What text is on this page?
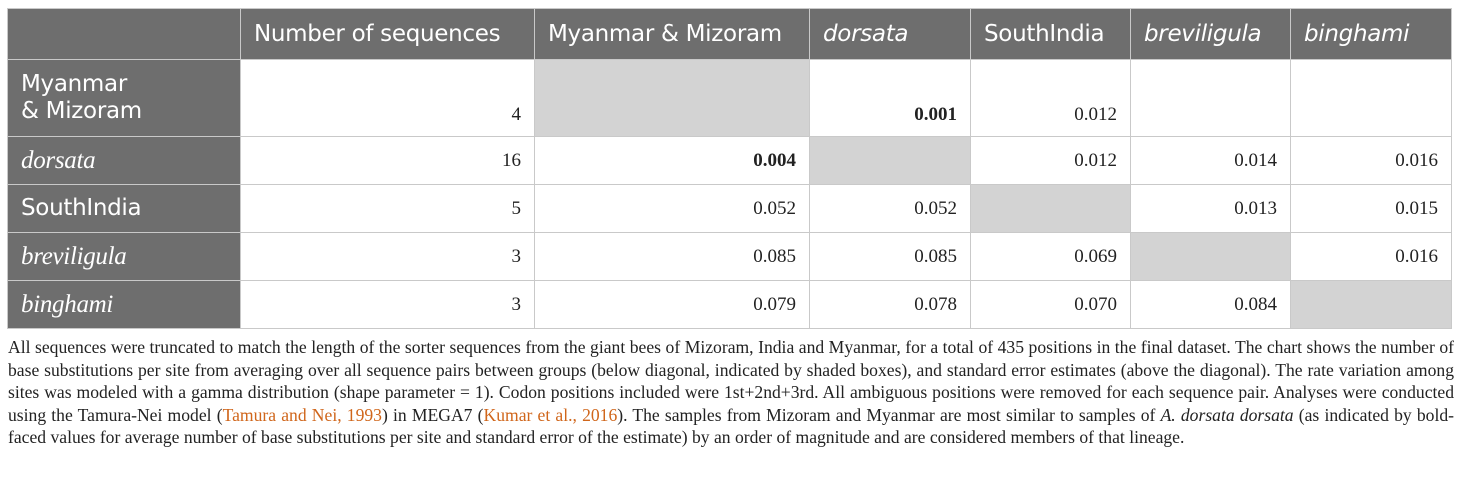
	Number of sequences	Myanmar & Mizoram	dorsata	SouthIndia	breviligula	binghami
Myanmar
& Mizoram	4		0.001	0.012		
dorsata	16	0.004		0.012	0.014	0.016
SouthIndia	5	0.052	0.052		0.013	0.015
breviligula	3	0.085	0.085	0.069		0.016
binghami	3	0.079	0.078	0.070	0.084	
All sequences were truncated to match the length of the sorter sequences from the giant bees of Mizoram, India and Myanmar, for a total of 435 positions in the final dataset. The chart shows the number of base substitutions per site from averaging over all sequence pairs between groups (below diagonal, indicated by shaded boxes), and standard error estimates (above the diagonal). The rate variation among sites was modeled with a gamma distribution (shape parameter = 1). Codon positions included were 1st+2nd+3rd. All ambiguous positions were removed for each sequence pair. Analyses were conducted using the Tamura-Nei model (Tamura and Nei, 1993) in MEGA7 (Kumar et al., 2016). The samples from Mizoram and Myanmar are most similar to samples of A. dorsata dorsata (as indicated by bold-faced values for average number of base substitutions per site and standard error of the estimate) by an order of magnitude and are considered members of that lineage.
